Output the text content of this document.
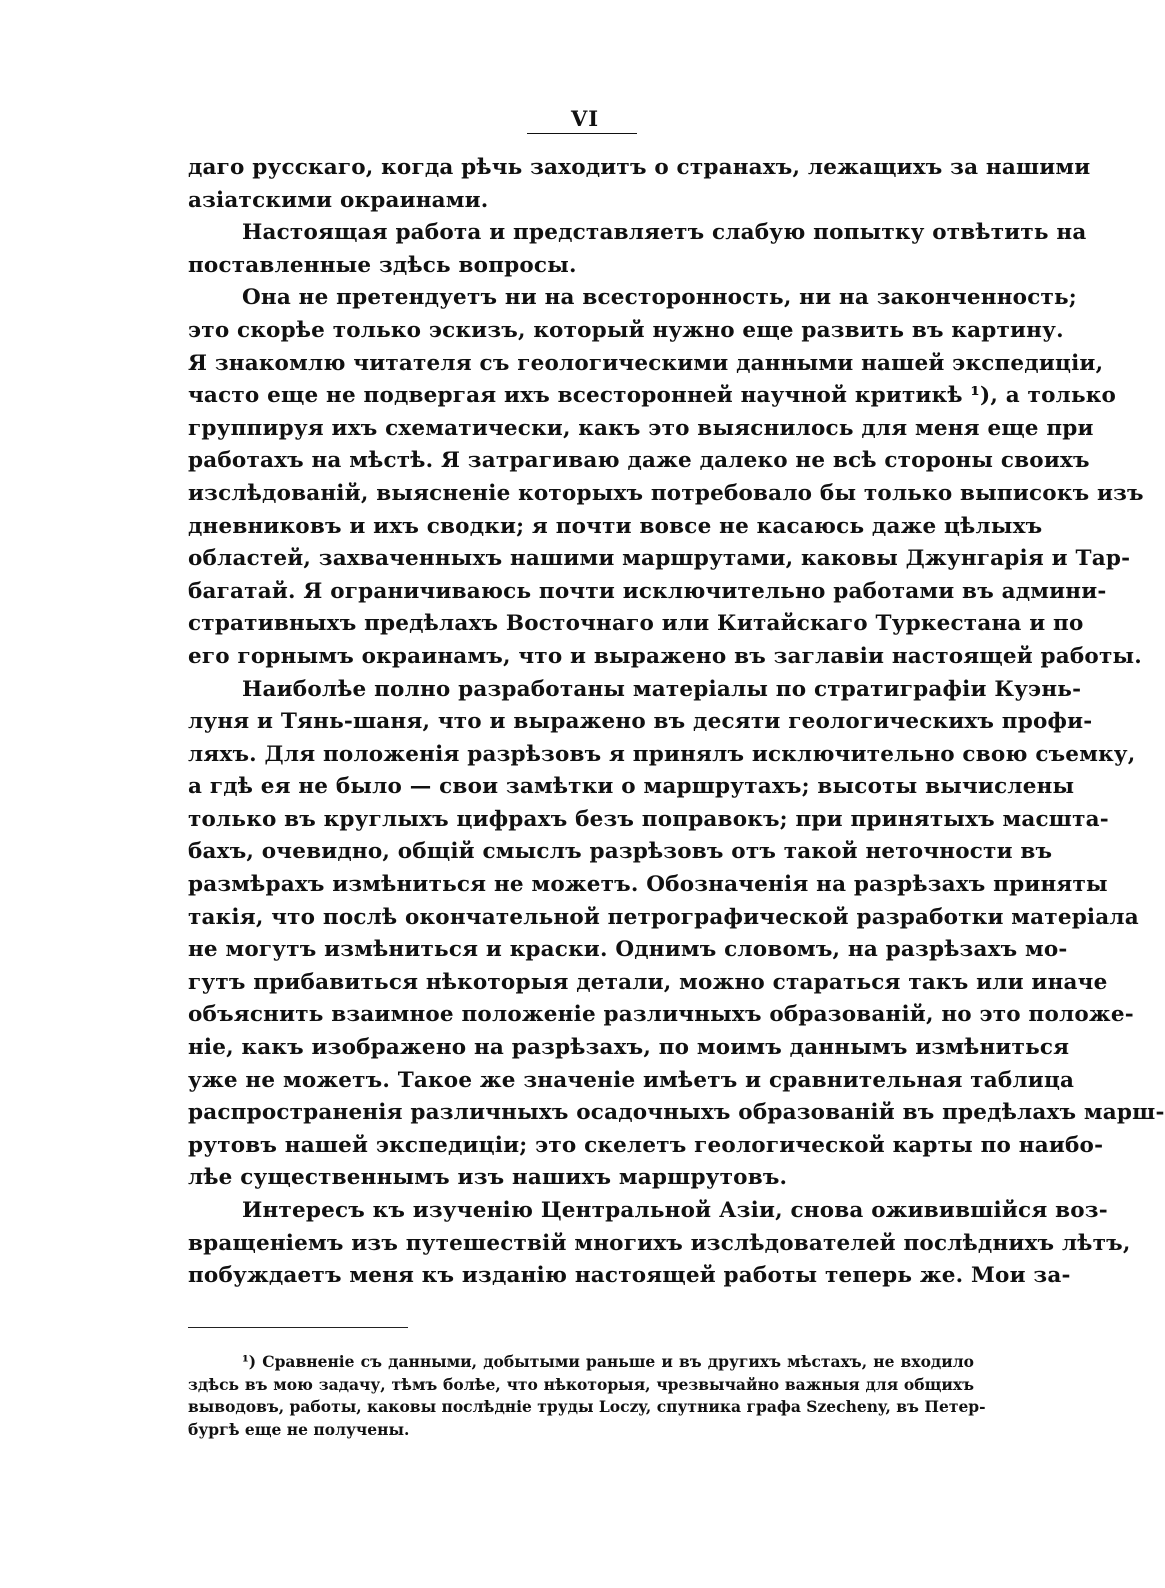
VI
даго русскаго, когда рѣчь заходитъ о странахъ, лежащихъ за нашими
азіатскими окраинами.
Настоящая работа и представляетъ слабую попытку отвѣтить на
поставленные здѣсь вопросы.
Она не претендуетъ ни на всесторонность, ни на законченность;
это скорѣе только эскизъ, который нужно еще развить въ картину.
Я знакомлю читателя съ геологическими данными нашей экспедиціи,
часто еще не подвергая ихъ всесторонней научной критикѣ ¹), а только
группируя ихъ схематически, какъ это выяснилось для меня еще при
работахъ на мѣстѣ. Я затрагиваю даже далеко не всѣ стороны своихъ
изслѣдованій, выясненіе которыхъ потребовало бы только выписокъ изъ
дневниковъ и ихъ сводки; я почти вовсе не касаюсь даже цѣлыхъ
областей, захваченныхъ нашими маршрутами, каковы Джунгарія и Тар-
багатай. Я ограничиваюсь почти исключительно работами въ админи-
стративныхъ предѣлахъ Восточнаго или Китайскаго Туркестана и по
его горнымъ окраинамъ, что и выражено въ заглавіи настоящей работы.
Наиболѣе полно разработаны матеріалы по стратиграфіи Куэнь-
луня и Тянь-шаня, что и выражено въ десяти геологическихъ профи-
ляхъ. Для положенія разрѣзовъ я принялъ исключительно свою съемку,
а гдѣ ея не было — свои замѣтки о маршрутахъ; высоты вычислены
только въ круглыхъ цифрахъ безъ поправокъ; при принятыхъ масшта-
бахъ, очевидно, общій смыслъ разрѣзовъ отъ такой неточности въ
размѣрахъ измѣниться не можетъ. Обозначенія на разрѣзахъ приняты
такія, что послѣ окончательной петрографической разработки матеріала
не могутъ измѣниться и краски. Однимъ словомъ, на разрѣзахъ мо-
гутъ прибавиться нѣкоторыя детали, можно стараться такъ или иначе
объяснить взаимное положеніе различныхъ образованій, но это положе-
ніе, какъ изображено на разрѣзахъ, по моимъ даннымъ измѣниться
уже не можетъ. Такое же значеніе имѣетъ и сравнительная таблица
распространенія различныхъ осадочныхъ образованій въ предѣлахъ марш-
рутовъ нашей экспедиціи; это скелетъ геологической карты по наибо-
лѣе существеннымъ изъ нашихъ маршрутовъ.
Интересъ къ изученію Центральной Азіи, снова оживившійся воз-
вращеніемъ изъ путешествій многихъ изслѣдователей послѣднихъ лѣтъ,
побуждаетъ меня къ изданію настоящей работы теперь же. Мои за-
¹) Сравненіе съ данными, добытыми раньше и въ другихъ мѣстахъ, не входило
здѣсь въ мою задачу, тѣмъ болѣе, что нѣкоторыя, чрезвычайно важныя для общихъ
выводовъ, работы, каковы послѣдніе труды Loczy, спутника графа Szecheny, въ Петер-
бургѣ еще не получены.
